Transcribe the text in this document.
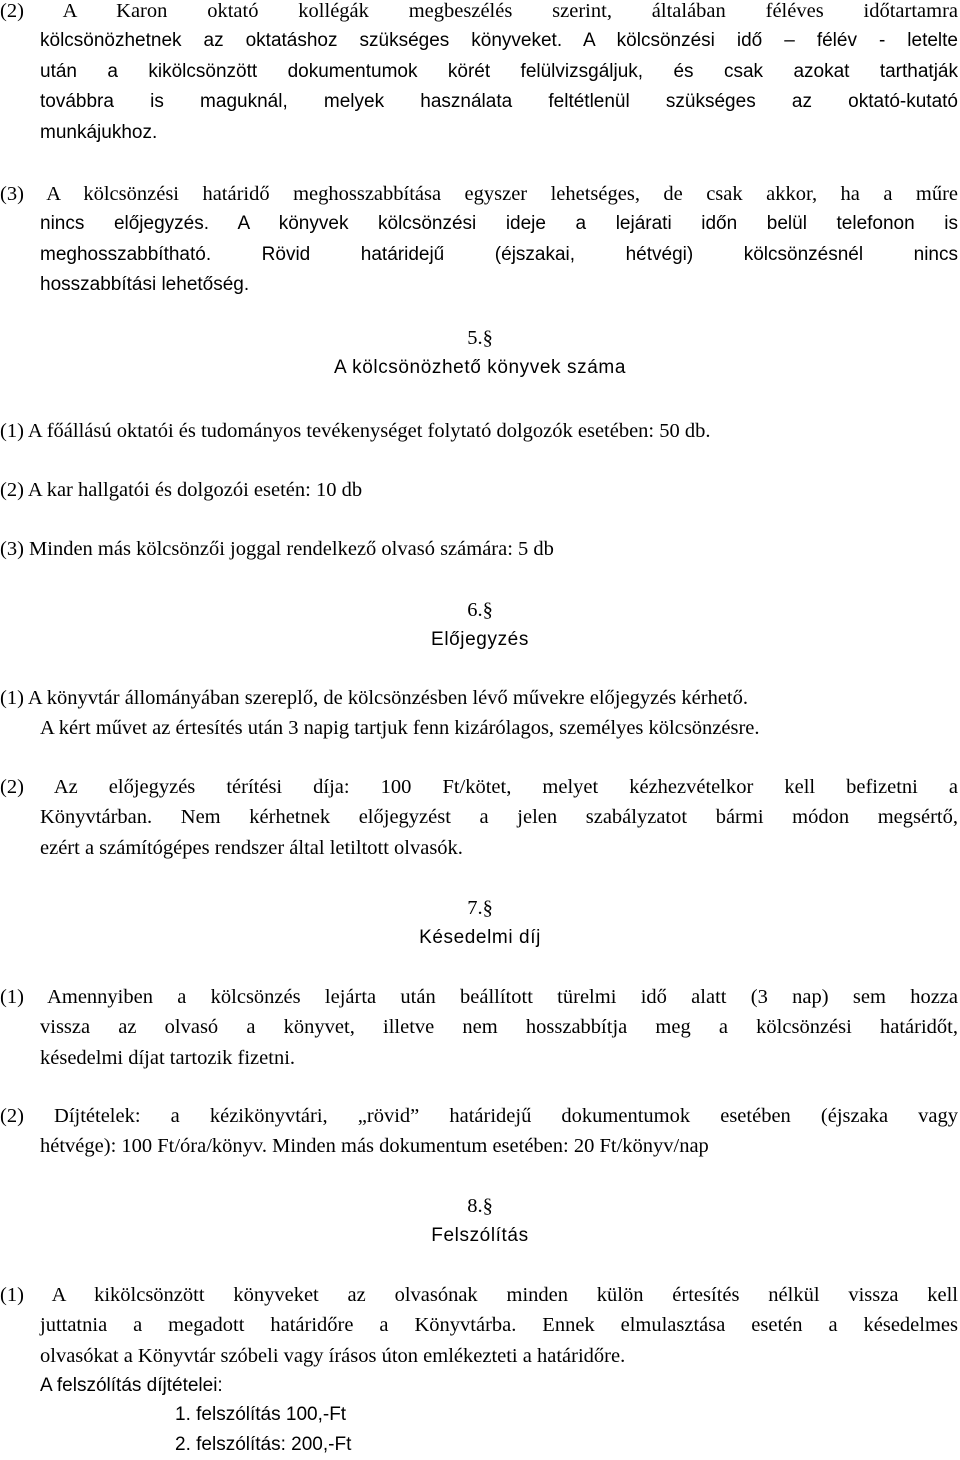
(2) A Karon oktató kollégák megbeszélés szerint, általában féléves időtartamra
kölcsönözhetnek az oktatáshoz szükséges könyveket. A kölcsönzési idő – félév - letelte
után a kikölcsönzött dokumentumok körét felülvizsgáljuk, és csak azokat tarthatják
továbbra is maguknál, melyek használata feltétlenül szükséges az oktató-kutató
munkájukhoz.
(3) A kölcsönzési határidő meghosszabbítása egyszer lehetséges, de csak akkor, ha a műre
nincs előjegyzés. A könyvek kölcsönzési ideje a lejárati időn belül telefonon is
meghosszabbítható. Rövid határidejű (éjszakai, hétvégi) kölcsönzésnél nincs
hosszabbítási lehetőség.
5.§
A kölcsönözhető könyvek száma
(1) A főállású oktatói és tudományos tevékenységet folytató dolgozók esetében: 50 db.
(2) A kar hallgatói és dolgozói esetén: 10 db
(3) Minden más kölcsönzői joggal rendelkező olvasó számára: 5 db
6.§
Előjegyzés
(1) A könyvtár állományában szereplő, de kölcsönzésben lévő művekre előjegyzés kérhető.
A kért művet az értesítés után 3 napig tartjuk fenn kizárólagos, személyes kölcsönzésre.
(2) Az előjegyzés térítési díja: 100 Ft/kötet, melyet kézhezvételkor kell befizetni a
Könyvtárban. Nem kérhetnek előjegyzést a jelen szabályzatot bármi módon megsértő,
ezért a számítógépes rendszer által letiltott olvasók.
7.§
Késedelmi díj
(1) Amennyiben a kölcsönzés lejárta után beállított türelmi idő alatt (3 nap) sem hozza
vissza az olvasó a könyvet, illetve nem hosszabbítja meg a kölcsönzési határidőt,
késedelmi díjat tartozik fizetni.
(2) Díjtételek: a kézikönyvtári, „rövid” határidejű dokumentumok esetében (éjszaka vagy
hétvége): 100 Ft/óra/könyv. Minden más dokumentum esetében: 20 Ft/könyv/nap
8.§
Felszólítás
(1) A kikölcsönzött könyveket az olvasónak minden külön értesítés nélkül vissza kell
juttatnia a megadott határidőre a Könyvtárba. Ennek elmulasztása esetén a késedelmes
olvasókat a Könyvtár szóbeli vagy írásos úton emlékezteti a határidőre.
A felszólítás díjtételei:
1. felszólítás 100,-Ft
2. felszólítás: 200,-Ft
